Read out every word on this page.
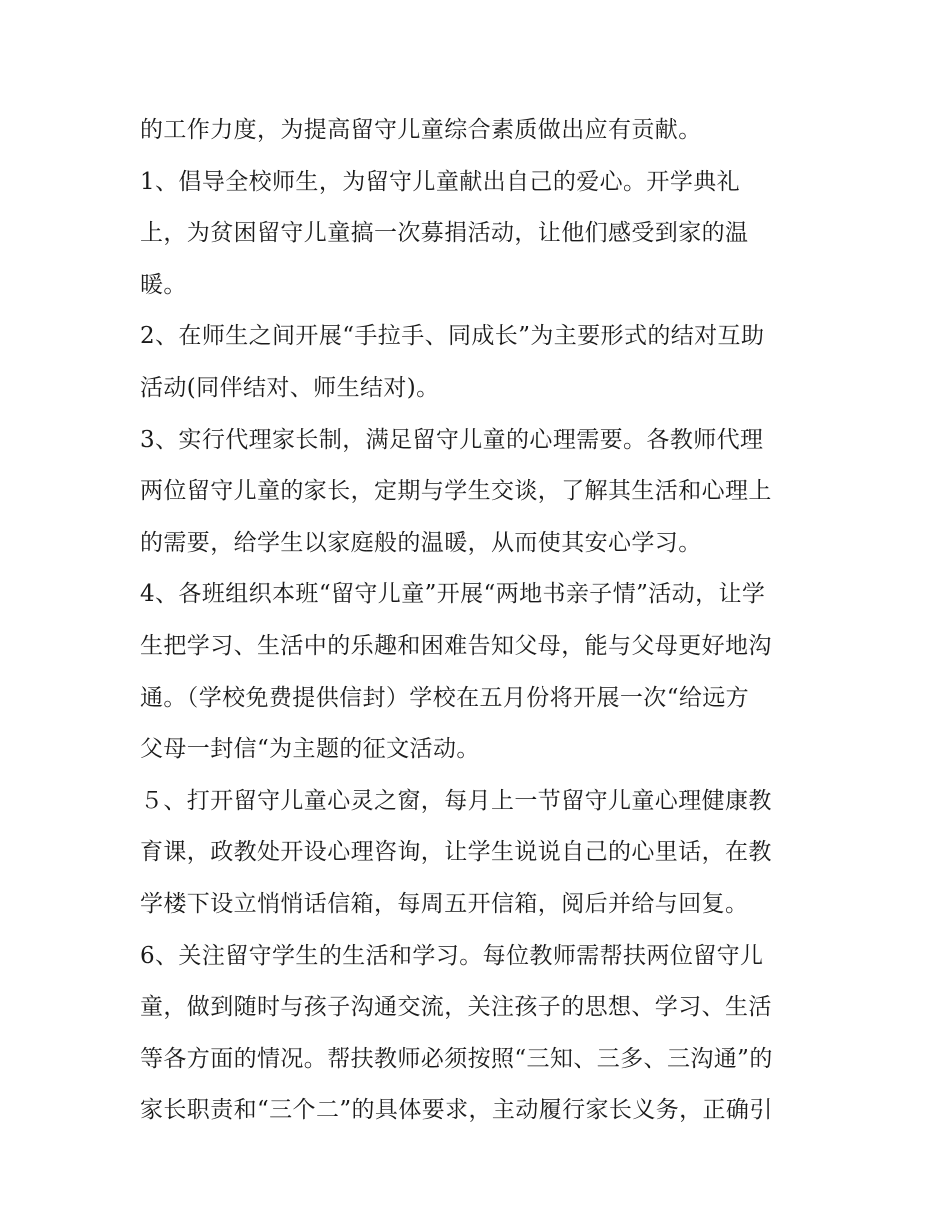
的工作力度，为提高留守儿童综合素质做出应有贡献。
1、倡导全校师生，为留守儿童献出自己的爱心。开学典礼
上，为贫困留守儿童搞一次募捐活动，让他们感受到家的温
暖。
2、在师生之间开展“手拉手、同成长”为主要形式的结对互助
活动(同伴结对、师生结对)。
3、实行代理家长制，满足留守儿童的心理需要。各教师代理
两位留守儿童的家长，定期与学生交谈，了解其生活和心理上
的需要，给学生以家庭般的温暖，从而使其安心学习。
4、各班组织本班“留守儿童”开展“两地书亲子情”活动，让学
生把学习、生活中的乐趣和困难告知父母，能与父母更好地沟
通。（学校免费提供信封）学校在五月份将开展一次“给远方
父母一封信“为主题的征文活动。
５、打开留守儿童心灵之窗，每月上一节留守儿童心理健康教
育课，政教处开设心理咨询，让学生说说自己的心里话，在教
学楼下设立悄悄话信箱，每周五开信箱，阅后并给与回复。
6、关注留守学生的生活和学习。每位教师需帮扶两位留守儿
童，做到随时与孩子沟通交流，关注孩子的思想、学习、生活
等各方面的情况。帮扶教师必须按照“三知、三多、三沟通”的
家长职责和“三个二”的具体要求，主动履行家长义务，正确引
